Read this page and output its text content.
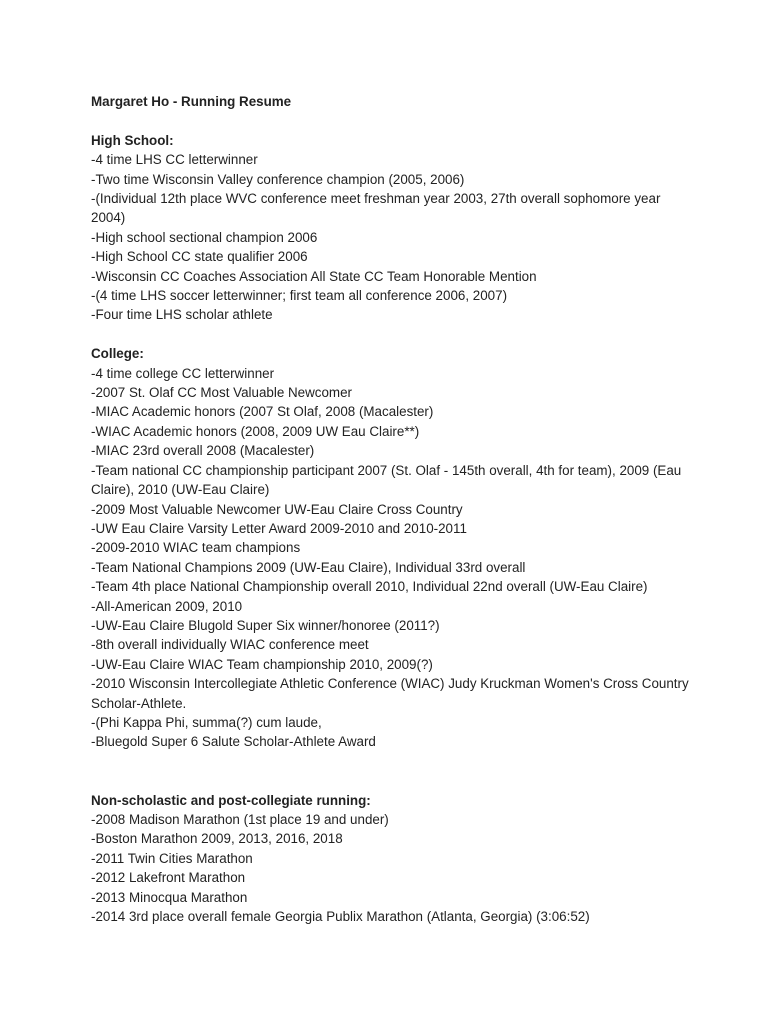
Margaret Ho - Running Resume
High School:
-4 time LHS CC letterwinner
-Two time Wisconsin Valley conference champion (2005, 2006)
-(Individual 12th place WVC conference meet freshman year 2003, 27th overall sophomore year 2004)
-High school sectional champion 2006
-High School CC state qualifier 2006
-Wisconsin CC Coaches Association All State CC Team Honorable Mention
-(4 time LHS soccer letterwinner; first team all conference 2006, 2007)
-Four time LHS scholar athlete
College:
-4 time college CC letterwinner
-2007 St. Olaf CC Most Valuable Newcomer
-MIAC Academic honors (2007 St Olaf, 2008 (Macalester)
-WIAC Academic honors (2008, 2009 UW Eau Claire**)
-MIAC 23rd overall 2008 (Macalester)
-Team national CC championship participant 2007 (St. Olaf - 145th overall, 4th for team), 2009 (Eau Claire), 2010 (UW-Eau Claire)
-2009 Most Valuable Newcomer UW-Eau Claire Cross Country
-UW Eau Claire Varsity Letter Award 2009-2010 and 2010-2011
-2009-2010 WIAC team champions
-Team National Champions 2009 (UW-Eau Claire), Individual 33rd overall
-Team 4th place National Championship overall 2010, Individual 22nd overall (UW-Eau Claire)
-All-American 2009, 2010
-UW-Eau Claire Blugold Super Six winner/honoree (2011?)
-8th overall individually WIAC conference meet
-UW-Eau Claire WIAC Team championship 2010, 2009(?)
-2010 Wisconsin Intercollegiate Athletic Conference (WIAC) Judy Kruckman Women's Cross Country Scholar-Athlete.
-(Phi Kappa Phi, summa(?) cum laude,
-Bluegold Super 6 Salute Scholar-Athlete Award
Non-scholastic and post-collegiate running:
-2008 Madison Marathon (1st place 19 and under)
-Boston Marathon 2009, 2013, 2016, 2018
-2011 Twin Cities Marathon
-2012 Lakefront Marathon
-2013 Minocqua Marathon
-2014 3rd place overall female Georgia Publix Marathon (Atlanta, Georgia) (3:06:52)
